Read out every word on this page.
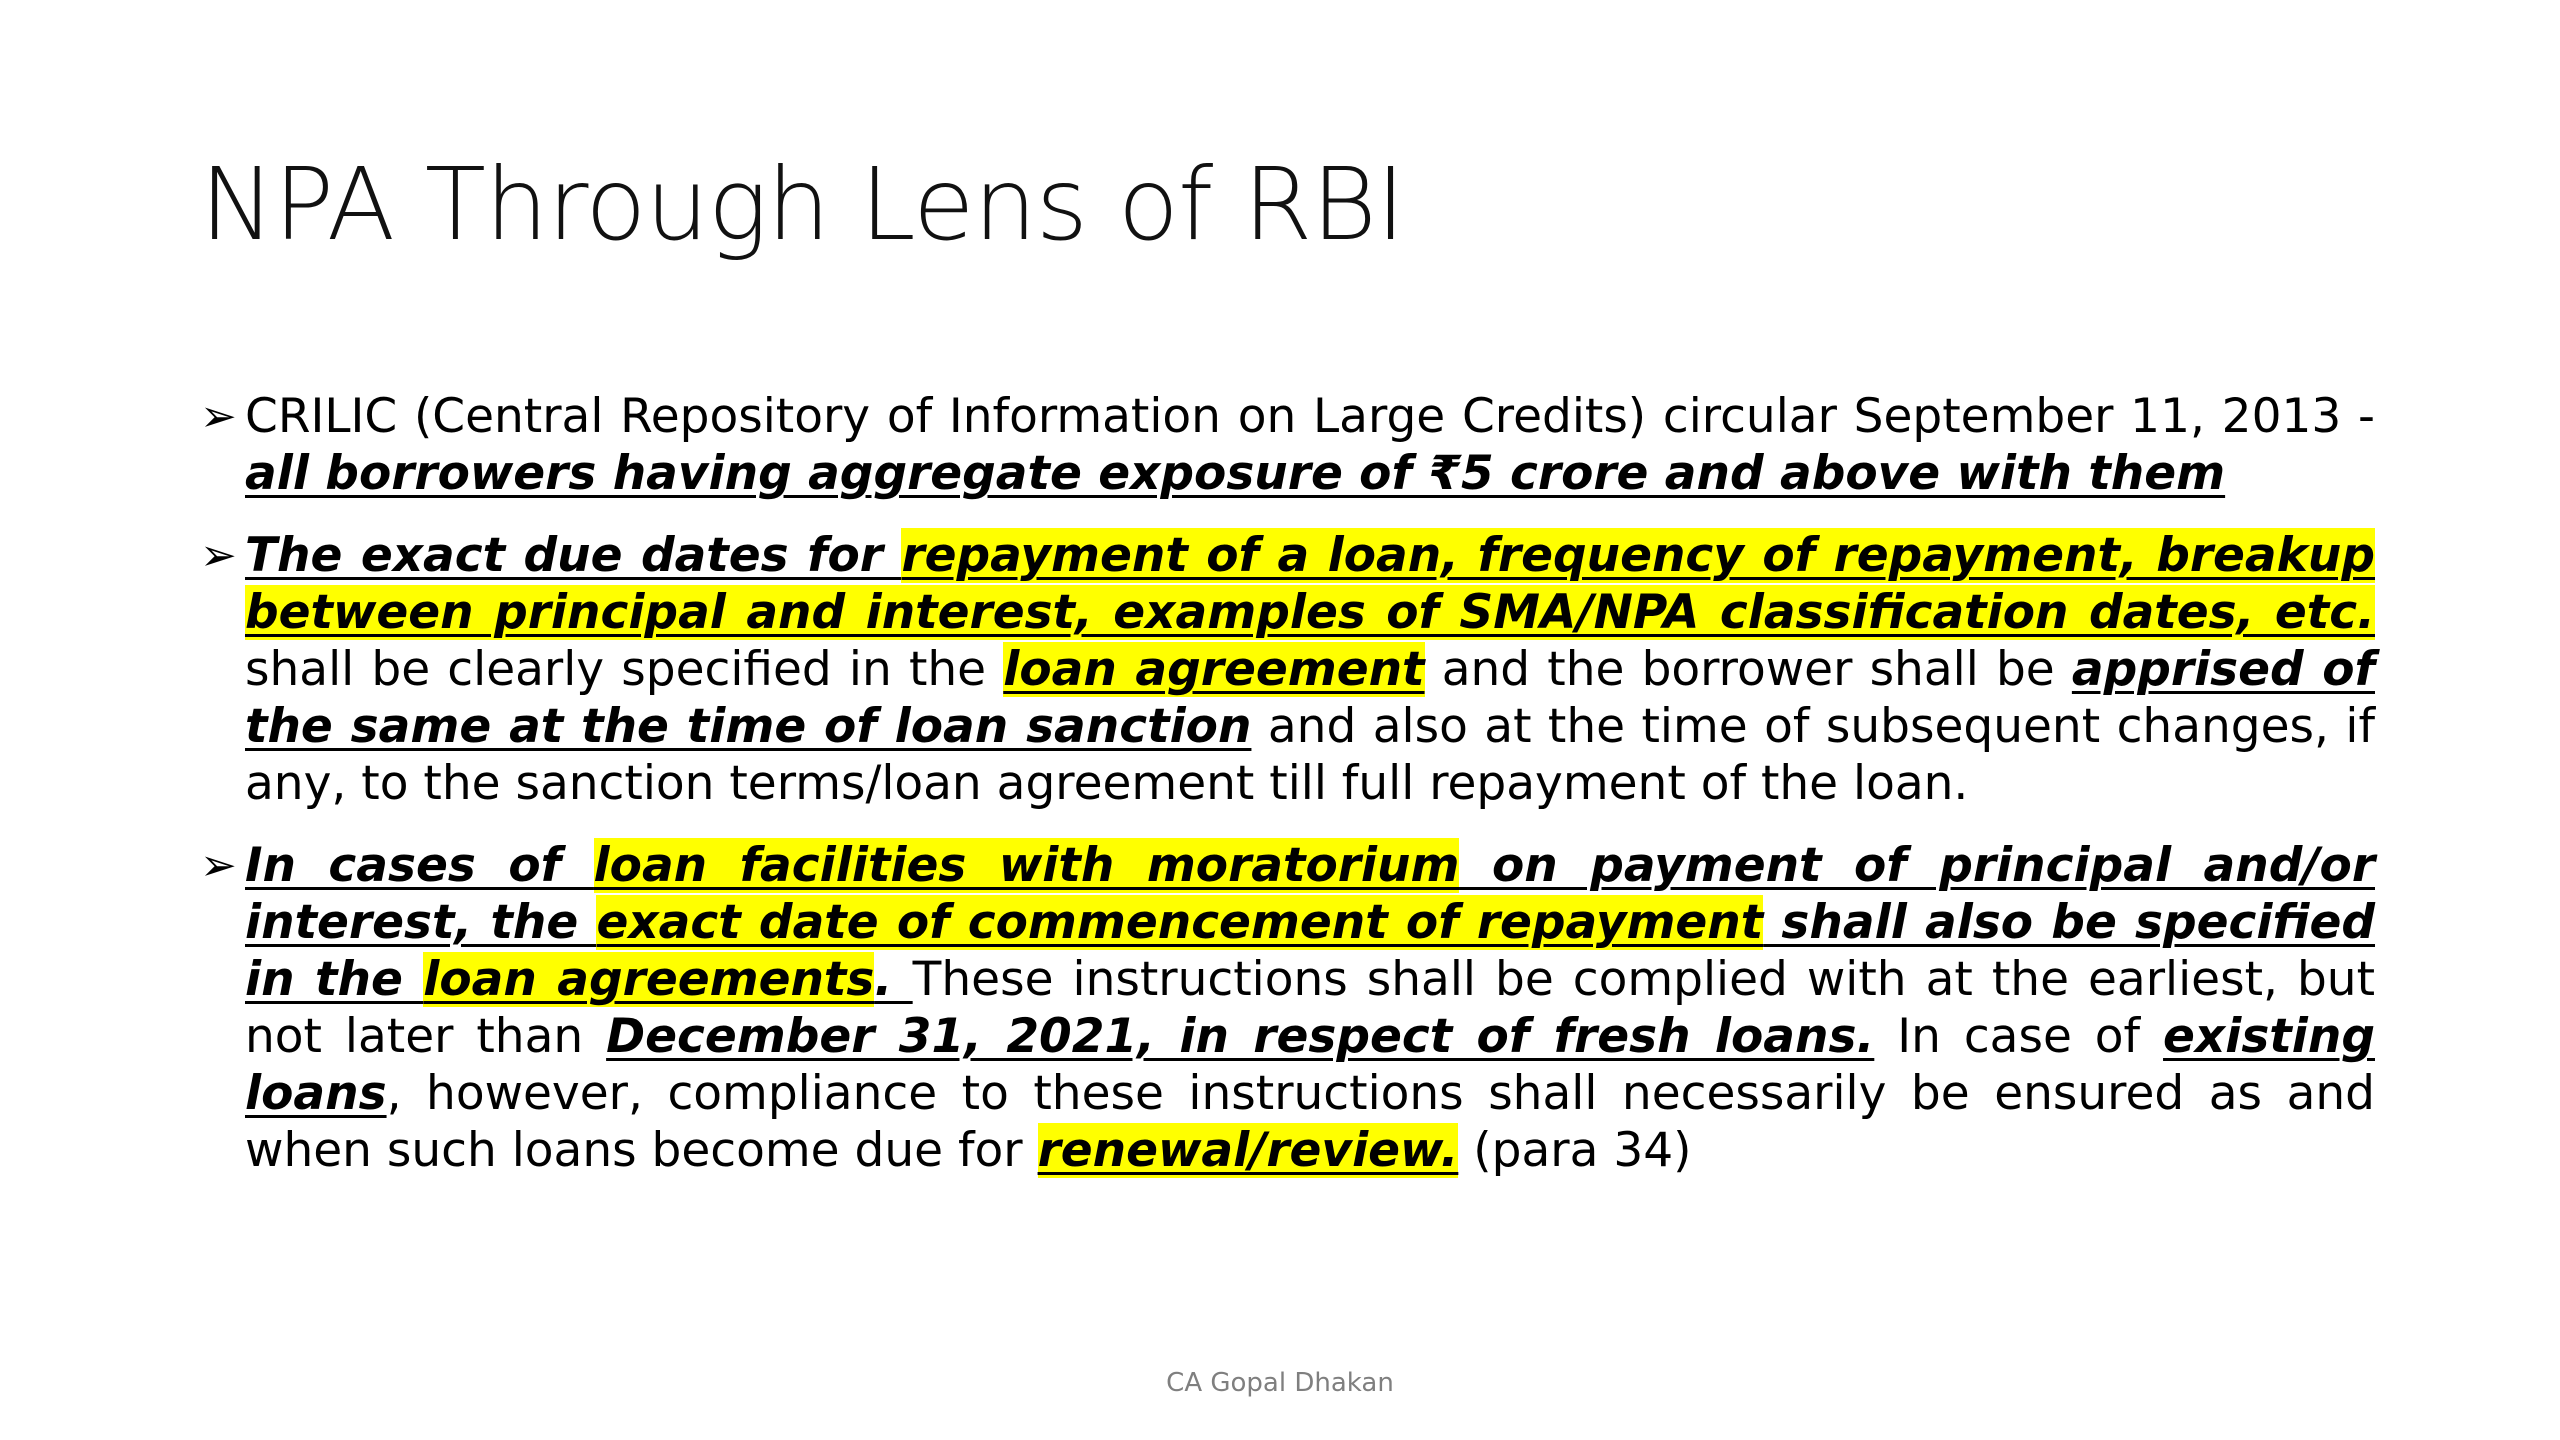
NPA Through Lens of RBI
➢ CRILIC (Central Repository of Information on Large Credits) circular September 11, 2013 - all borrowers having aggregate exposure of ₹5 crore and above with them
➢ The exact due dates for repayment of a loan, frequency of repayment, breakup between principal and interest, examples of SMA/NPA classification dates, etc. shall be clearly specified in the loan agreement and the borrower shall be apprised of the same at the time of loan sanction and also at the time of subsequent changes, if any, to the sanction terms/loan agreement till full repayment of the loan.
➢ In cases of loan facilities with moratorium on payment of principal and/or interest, the exact date of commencement of repayment shall also be specified in the loan agreements. These instructions shall be complied with at the earliest, but not later than December 31, 2021, in respect of fresh loans. In case of existing loans, however, compliance to these instructions shall necessarily be ensured as and when such loans become due for renewal/review. (para 34)
CA Gopal Dhakan
